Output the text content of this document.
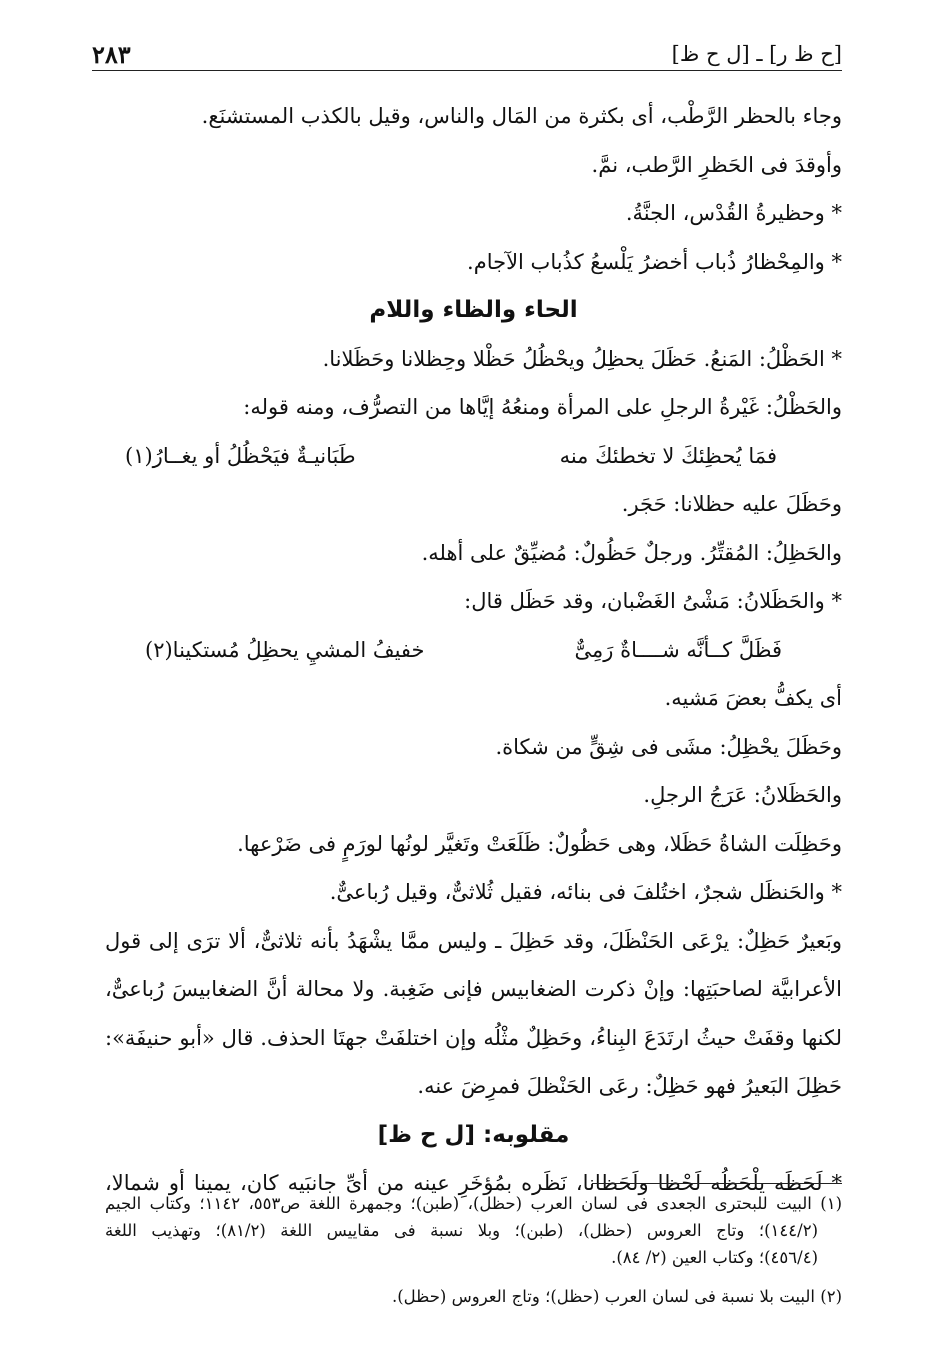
٢٨٣	[ح ظ ر] ـ [ل ح ظ]
وجاء بالحظر الرَّطْب، أى بكثرة من المَال والناس، وقيل بالكذب المستشنَع.
وأوقدَ فى الحَظرِ الرَّطب، نمَّ.
* وحظيرةُ القُدْس، الجنَّةُ.
* والمِحْظارُ ذُباب أخضرُ يَلْسعُ كذُباب الآجام.
الحاء والظاء واللام
* الحَظْلُ: المَنعُ. حَظَلَ يحظِلُ ويحْظُلُ حَظْلا وحِظلانا وحَظَلانا.
والحَظْلُ: غَيْرةُ الرجلِ على المرأة ومنعُهُ إيَّاها من التصرُّف، ومنه قوله:
فمَا يُحظِئكَ لا تخطئكَ منه
طَبَانيـةٌ فيَحْظُلُ أو يغــارُ(١)
وحَظَلَ عليه حظلانا: حَجَر.
والحَظِلُ: المُقتِّرُ. ورجلٌ حَظُولٌ: مُضيِّقٌ على أهله.
* والحَظَلانُ: مَشْىُ الغَضْبان، وقد حَظَل قال:
فَظَلَّ كــأنَّه شــــاةٌ رَمِىٌّ
خفيفُ المشيِ يحظِلُ مُستكينا(٢)
أى يكفُّ بعضَ مَشيه.
وحَظَلَ يحْظِلُ: مشَى فى شِقٍّ من شكاة.
والحَظَلانُ: عَرَجُ الرجلِ.
وحَظِلَت الشاةُ حَظَلا، وهى حَظُولٌ: ظَلَعَتْ وتَغيَّر لونُها لورَمٍ فى ضَرْعها.
* والحَنظَل شجرٌ، اختُلفَ فى بنائه، فقيل ثُلاثىٌّ، وقيل رُباعىٌّ.
وبَعيرٌ حَظِلٌ: يرْعَى الحَنْظَلَ، وقد حَظِلَ ـ وليس ممَّا يشْهَدُ بأنه ثلاثىٌّ، ألا ترَى إلى قول
الأعرابيَّة لصاحبَتِها: وإنْ ذكرت الضغابيس فإنى ضَغِبة. ولا محالة أنَّ الضغابيسَ رُباعىٌّ،
لكنها وقفَتْ حيثُ ارتَدَعَ البِناءُ، وحَظِلٌ مثْلُه وإن اختلفَتْ جهتَا الحذف. قال «أبو حنيفَة»:
حَظِلَ البَعيرُ فهو حَظِلٌ: رعَى الحَنْظلَ فمرِضَ عنه.
مقلوبه: [ل ح ظ]
* لَحَظَه يلْحَظُه لَحْظا ولَحَظانا، نَظَره بمُؤخَرِ عينه من أىِّ جانبَيه كان، يمينا أو شمالا،
(١) البيت للبحترى الجعدى فى لسان العرب (حظل)، (طبن)؛ وجمهرة اللغة ص٥٥٣، ١١٤٢؛ وكتاب الجيم
(١٤٤/٢)؛ وتاج العروس (حظل)، (طبن)؛ وبلا نسبة فى مقاييس اللغة (٨١/٢)؛ وتهذيب اللغة
(٤٥٦/٤)؛ وكتاب العين (٢/ ٨٤).
(٢) البيت بلا نسبة فى لسان العرب (حظل)؛ وتاج العروس (حظل).
